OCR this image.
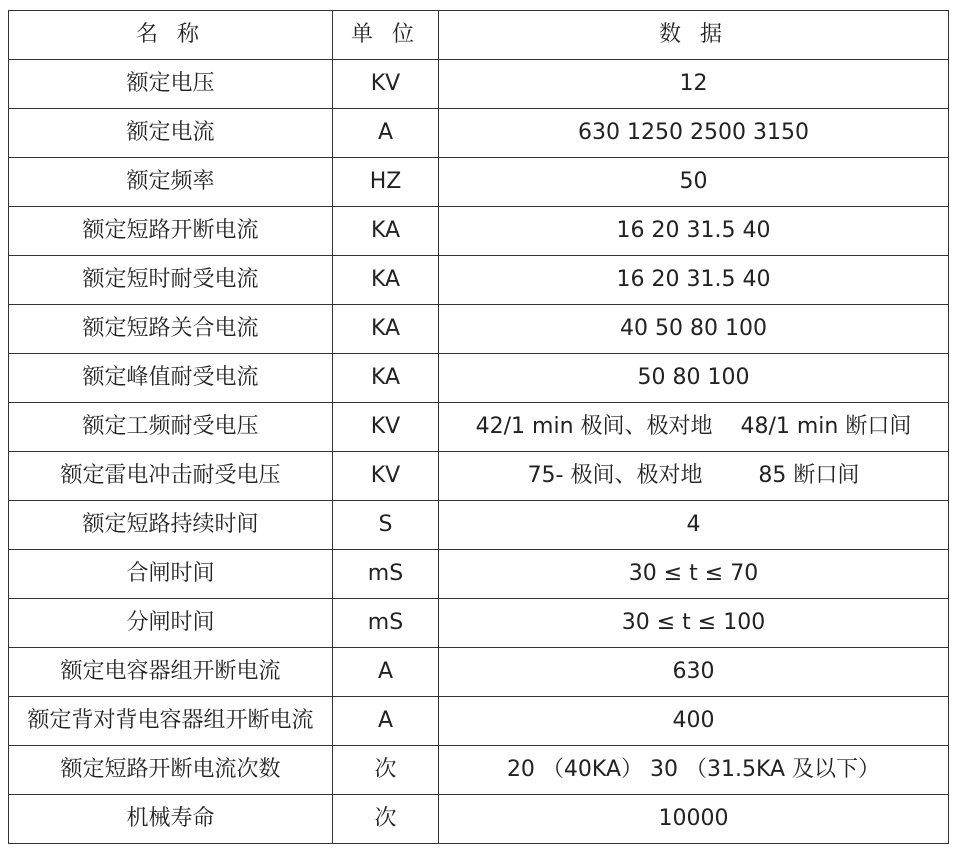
名 称	单 位	数 据
额定电压	KV	12
额定电流	A	630 1250 2500 3150
额定频率	HZ	50
额定短路开断电流	KA	16 20 31.5 40
额定短时耐受电流	KA	16 20 31.5 40
额定短路关合电流	KA	40 50 80 100
额定峰值耐受电流	KA	50 80 100
额定工频耐受电压	KV	42/1 min 极间、极对地    48/1 min 断口间
额定雷电冲击耐受电压	KV	75- 极间、极对地        85 断口间
额定短路持续时间	S	4
合闸时间	mS	30 ≤ t ≤ 70
分闸时间	mS	30 ≤ t ≤ 100
额定电容器组开断电流	A	630
额定背对背电容器组开断电流	A	400
额定短路开断电流次数	次	20 （40KA） 30 （31.5KA 及以下）
机械寿命	次	10000
